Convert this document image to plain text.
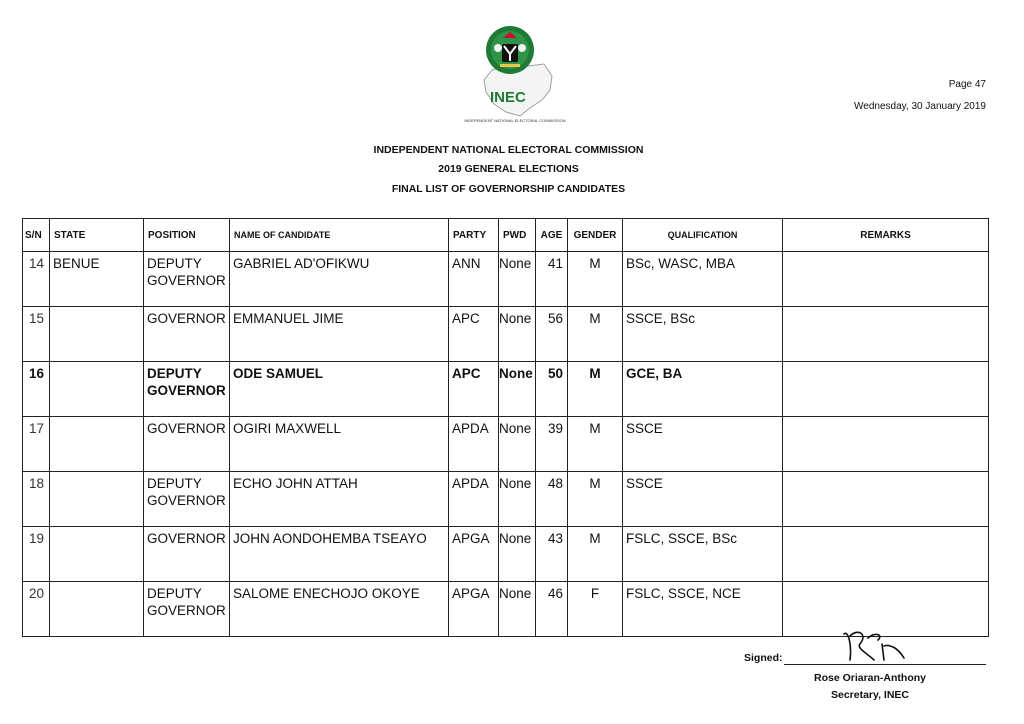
INEC
INDEPENDENT NATIONAL ELECTORAL COMMISSION
Page 47
Wednesday, 30 January 2019
INDEPENDENT NATIONAL ELECTORAL COMMISSION
2019 GENERAL ELECTIONS
FINAL LIST OF GOVERNORSHIP CANDIDATES
S/N	STATE	POSITION	NAME OF CANDIDATE	PARTY	PWD	AGE	GENDER	QUALIFICATION	REMARKS
14	BENUE	DEPUTY GOVERNOR	GABRIEL AD'OFIKWU	ANN	None	41	M	BSc, WASC, MBA	
15		GOVERNOR	EMMANUEL JIME	APC	None	56	M	SSCE, BSc	
16		DEPUTY GOVERNOR	ODE SAMUEL	APC	None	50	M	GCE, BA	
17		GOVERNOR	OGIRI MAXWELL	APDA	None	39	M	SSCE	
18		DEPUTY GOVERNOR	ECHO JOHN ATTAH	APDA	None	48	M	SSCE	
19		GOVERNOR	JOHN AONDOHEMBA TSEAYO	APGA	None	43	M	FSLC, SSCE, BSc	
20		DEPUTY GOVERNOR	SALOME ENECHOJO OKOYE	APGA	None	46	F	FSLC, SSCE, NCE	
Signed:
Rose Oriaran-Anthony
Secretary, INEC
